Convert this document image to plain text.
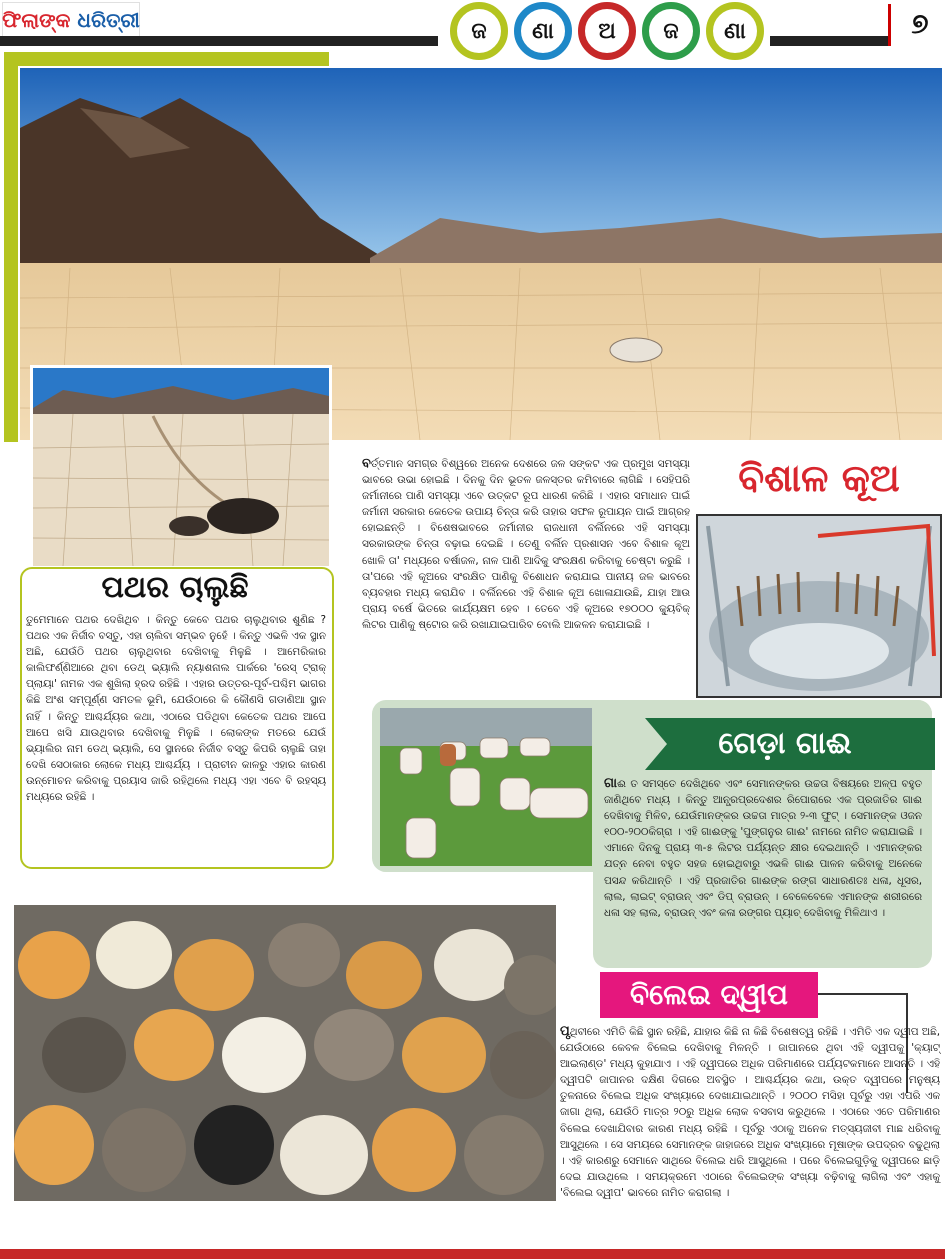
ଫିଲାଙ୍କ
ଧରିତ୍ରୀ	ଜ	ଣା	ଅ	ଜ	ଣା	୭
ପଥର ଚାଲୁଛି

ତୁମେମାନେ ପଥର ଦେଖିଥିବ । କିନ୍ତୁ କେବେ ପଥର ଚାଲୁଥିବାର ଶୁଣିଛ ? ପଥର ଏକ ନିର୍ଜୀବ ବସ୍ତୁ, ଏହା ଚାଲିବା ସମ୍ଭବ ନୁହେଁ । କିନ୍ତୁ ଏଭଳି ଏକ ସ୍ଥାନ ଅଛି, ଯେଉଁଠି ପଥର ଚାଲୁଥିବାର ଦେଖିବାକୁ ମିଳୁଛି । ଆମେରିକାର କାଲିଫର୍ଣ୍ଣିଆରେ ଥିବା ଡେଥ୍ ଭ୍ୟାଲି ନ୍ୟାଶନାଲ ପାର୍କରେ 'ରେସ୍ ଟ୍ରାକ୍ ପ୍ଲାୟା' ନାମକ ଏକ ଶୁଖିଲା ହ୍ରଦ ରହିଛି । ଏହାର ଉତ୍ତର-ପୂର୍ବ-ପଶ୍ଚିମ ଭାଗର କିଛି ଅଂଶ ସମ୍ପୂର୍ଣ୍ଣ ସମତଳ ଭୂମି, ଯେଉଁଠାରେ କି କୌଣସି ଗଡାଣିଆ ସ୍ଥାନ ନାହିଁ । କିନ୍ତୁ ଆଶ୍ଚର୍ଯ୍ୟର କଥା, ଏଠାରେ ପଡିଥିବା କେତେକ ପଥର ଆପେ ଆପେ ଖସି ଯାଉଥିବାର ଦେଖିବାକୁ ମିଳୁଛି । ଲୋକଙ୍କ ମତରେ ଯେଉଁ ଭ୍ୟାଲିର ନାମ ଡେଥ୍ ଭ୍ୟାଲି, ସେ ସ୍ଥାନରେ ନିର୍ଜୀବ ବସ୍ତୁ କିପରି ଚାଲୁଛି ତାହା ଦେଖି ସେଠାକାର ଲୋକେ ମଧ୍ୟ ଆଶ୍ଚର୍ଯ୍ୟ । ପ୍ରାଚୀନ କାଳରୁ ଏହାର କାରଣ ଉନ୍ମୋଚନ କରିବାକୁ ପ୍ରୟାସ ଜାରି ରହିଥିଲେ ମଧ୍ୟ ଏହା ଏବେ ବି ରହସ୍ୟ ମଧ୍ୟରେ ରହିଛି ।

ବର୍ତ୍ତମାନ ସମଗ୍ର ବିଶ୍ୱରେ ଅନେକ ଦେଶରେ ଜଳ ସଙ୍କଟ ଏକ ପ୍ରମୁଖ ସମସ୍ୟା ଭାବରେ ଉଭା ହୋଇଛି । ଦିନକୁ ଦିନ ଭୂତଳ ଜଳସ୍ତର କମିବାରେ ଲାଗିଛି । ସେହିପରି ଜର୍ମାନୀରେ ପାଣି ସମସ୍ୟା ଏବେ ଉତ୍କଟ ରୂପ ଧାରଣ କରିଛି । ଏହାର ସମାଧାନ ପାଇଁ ଜର୍ମାନୀ ସରକାର କେତେକ ଉପାୟ ଚିନ୍ତା କରି ତାହାର ସଫଳ ରୂପାୟନ ପାଇଁ ଆଗ୍ରହ ହୋଇଛନ୍ତି । ବିଶେଷଭାବରେ ଜର୍ମାନୀର ରାଜଧାନୀ ବର୍ଲିନରେ ଏହି ସମସ୍ୟା ସରକାରଙ୍କ ଚିନ୍ତା ବଢ଼ାଇ ଦେଇଛି । ତେଣୁ ବର୍ଲିନ ପ୍ରଶାସନ ଏବେ ବିଶାଳ କୂଅ ଖୋଳି ତା' ମଧ୍ୟରେ ବର୍ଷାଜଳ, ନାଳ ପାଣି ଆଦିକୁ ସଂରକ୍ଷଣ କରିବାକୁ ଚେଷ୍ଟା କରୁଛି । ତା'ପରେ ଏହି କୂଅରେ ସଂରକ୍ଷିତ ପାଣିକୁ ବିଶୋଧନ କରାଯାଇ ପାନୀୟ ଜଳ ଭାବରେ ବ୍ୟବହାର ମଧ୍ୟ କରାଯିବ । ବର୍ଲିନରେ ଏହି ବିଶାଳ କୂଅ ଖୋଳାଯାଉଛି, ଯାହା ଆଉ ପ୍ରାୟ ବର୍ଷେ ଭିତରେ କାର୍ଯ୍ୟକ୍ଷମ ହେବ । ତେବେ ଏହି କୂଅରେ ୧୭୦୦୦ କ୍ୟୁବିକ୍ ଲିଟର ପାଣିକୁ ଷ୍ଟୋର କରି ରଖାଯାଇପାରିବ ବୋଲି ଆକଳନ କରାଯାଇଛି ।
ବିଶାଳ କୂଅ
ଗେଡ଼ା ଗାଈ
ଗାଈ ତ ସମସ୍ତେ ଦେଖିଥିବେ ଏବଂ ସେମାନଙ୍କର ଉଚ୍ଚତା ବିଷୟରେ ଅଳ୍ପ ବହୁତ ଜାଣିଥିବେ ମଧ୍ୟ । କିନ୍ତୁ ଆନ୍ଧ୍ରପ୍ରଦେଶର ରିପୋରାରେ ଏକ ପ୍ରଜାତିର ଗାଈ ଦେଖିବାକୁ ମିଳିବ, ଯେଉଁମାନଙ୍କର ଉଚ୍ଚତା ମାତ୍ର ୨-୩ ଫୁଟ୍ । ସେମାନଙ୍କ ଓଜନ ୧୦୦-୨୦୦କିଗ୍ରା । ଏହି ଗାଈଙ୍କୁ 'ପୁଙ୍ଗନୁର ଗାଈ' ନାମରେ ନାମିତ କରାଯାଇଛି । ଏମାନେ ଦିନକୁ ପ୍ରାୟ ୩-୫ ଲିଟର ପର୍ଯ୍ୟନ୍ତ କ୍ଷୀର ଦେଇଥାନ୍ତି । ଏମାନଙ୍କର ଯତ୍ନ ନେବା ବହୁତ ସହଜ ହୋଇଥିବାରୁ ଏଭଳି ଗାଈ ପାଳନ କରିବାକୁ ଅନେକେ ପସନ୍ଦ କରିଥାନ୍ତି । ଏହି ପ୍ରଜାତିର ଗାଈଙ୍କ ରଙ୍ଗ ସାଧାରଣତଃ ଧଳା, ଧୂସର, ଲାଲ, ଲାଇଟ୍ ବ୍ରାଉନ୍ ଏବଂ ଡିପ୍ ବ୍ରାଉନ୍ । ବେଳେବେଳେ ଏମାନଙ୍କ ଶରୀରରେ ଧଳା ସହ ଲାଲ, ବ୍ରାଉନ୍ ଏବଂ କଳା ରଙ୍ଗର ପ୍ୟାଚ୍ ଦେଖିବାକୁ ମିଳିଥାଏ ।
ବିଲେଇ ଦ୍ୱୀପ
ପୃଥିବୀରେ ଏମିତି କିଛି ସ୍ଥାନ ରହିଛି, ଯାହାର କିଛି ନା କିଛି ବିଶେଷତ୍ୱ ରହିଛି । ଏମିତି ଏକ ଦ୍ୱୀପ ଅଛି, ଯେଉଁଠାରେ କେବଳ ବିଲେଇ ଦେଖିବାକୁ ମିଳନ୍ତି । ଜାପାନରେ ଥିବା ଏହି ଦ୍ୱୀପକୁ 'କ୍ୟାଟ୍ ଆଇଲାଣ୍ଡ' ମଧ୍ୟ କୁହାଯାଏ । ଏହି ଦ୍ୱୀପରେ ଅଧିକ ପରିମାଣରେ ପର୍ଯ୍ୟଟକମାନେ ଆସନ୍ତି । ଏହି ଦ୍ୱୀପଟି ଜାପାନର ଦକ୍ଷିଣ ଦିଗରେ ଅବସ୍ଥିତ । ଆଶ୍ଚର୍ଯ୍ୟର କଥା, ଉକ୍ତ ଦ୍ୱୀପରେ ମନୁଷ୍ୟ ତୁଳନାରେ ବିଲେଇ ଅଧିକ ସଂଖ୍ୟାରେ ଦେଖାଯାଇଥାନ୍ତି । ୨୦୦୦ ମସିହା ପୂର୍ବରୁ ଏହା ଏପରି ଏକ ଜାଗା ଥିଲା, ଯେଉଁଠି ମାତ୍ର ୨୦ରୁ ଅଧିକ ଲୋକ ବସବାସ କରୁଥିଲେ । ଏଠାରେ ଏତେ ପରିମାଣର ବିଲେଇ ଦେଖାଯିବାର କାରଣ ମଧ୍ୟ ରହିଛି । ପୂର୍ବରୁ ଏଠାକୁ ଅନେକ ମତ୍ସ୍ୟଜୀବୀ ମାଛ ଧରିବାକୁ ଆସୁଥିଲେ । ସେ ସମୟରେ ସେମାନଙ୍କ ଜାହାଜରେ ଅଧିକ ସଂଖ୍ୟାରେ ମୂଷାଙ୍କ ଉପଦ୍ରବ ବଢୁଥିଲା । ଏହି କାରଣରୁ ସେମାନେ ସାଥିରେ ବିଲେଇ ଧରି ଆସୁଥିଲେ । ପରେ ବିଲେଇଗୁଡ଼ିକୁ ଦ୍ୱୀପରେ ଛାଡ଼ି ଦେଇ ଯାଉଥିଲେ । ସମୟକ୍ରମେ ଏଠାରେ ବିଲେଇଙ୍କ ସଂଖ୍ୟା ବଢ଼ିବାକୁ ଲାଗିଲା ଏବଂ ଏହାକୁ 'ବିଲେଇ ଦ୍ୱୀପ' ଭାବରେ ନାମିତ କରାଗଲା ।
